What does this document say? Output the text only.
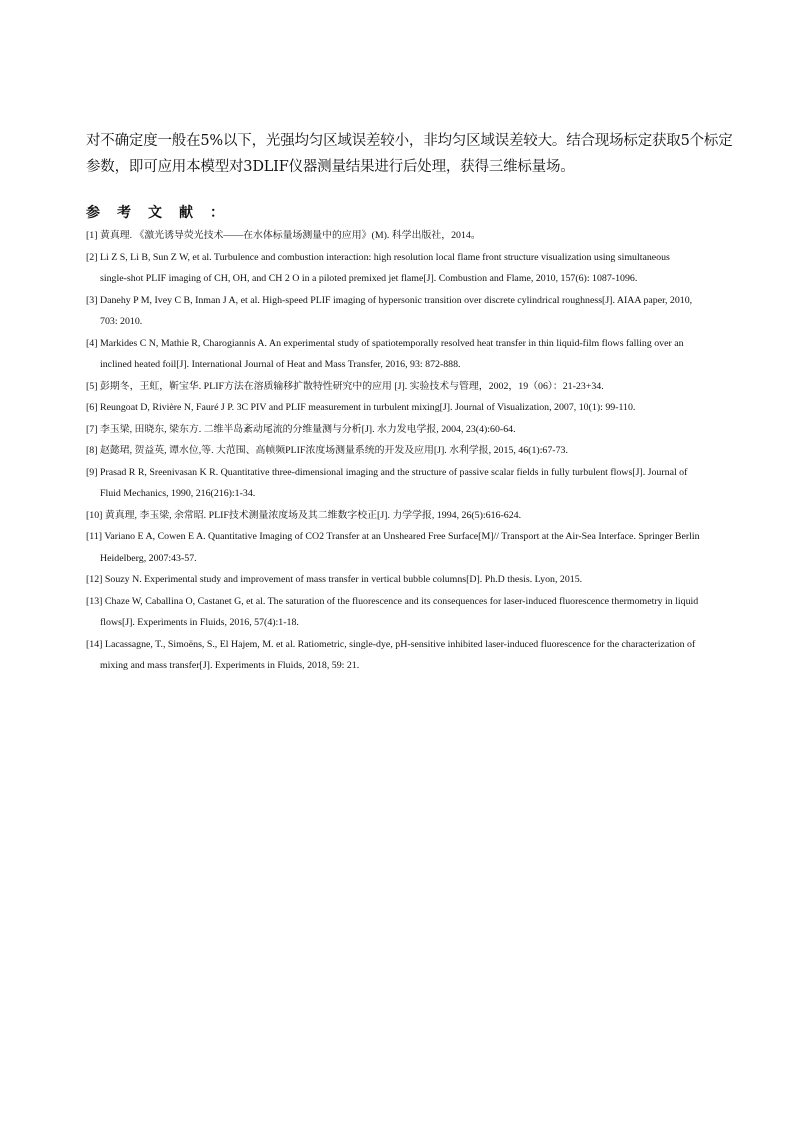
对不确定度一般在5%以下，光强均匀区域误差较小，非均匀区域误差较大。结合现场标定获取5个标定
参数，即可应用本模型对3DLIF仪器测量结果进行后处理，获得三维标量场。

参考文献：
[1] 黄真理. 《激光诱导荧光技术——在水体标量场测量中的应用》(M). 科学出版社，2014。
[2] Li Z S, Li B, Sun Z W, et al. Turbulence and combustion interaction: high resolution local flame front structure visualization using simultaneous
single-shot PLIF imaging of CH, OH, and CH 2 O in a piloted premixed jet flame[J]. Combustion and Flame, 2010, 157(6): 1087-1096.
[3] Danehy P M, Ivey C B, Inman J A, et al. High-speed PLIF imaging of hypersonic transition over discrete cylindrical roughness[J]. AIAA paper, 2010,
703: 2010.
[4] Markides C N, Mathie R, Charogiannis A. An experimental study of spatiotemporally resolved heat transfer in thin liquid-film flows falling over an
inclined heated foil[J]. International Journal of Heat and Mass Transfer, 2016, 93: 872-888.
[5] 彭期冬，王虹，靳宝华. PLIF方法在溶质输移扩散特性研究中的应用 [J]. 实验技术与管理，2002，19（06）：21-23+34.
[6] Reungoat D, Rivière N, Fauré J P. 3C PIV and PLIF measurement in turbulent mixing[J]. Journal of Visualization, 2007, 10(1): 99-110.
[7] 李玉梁, 田晓东, 梁东方. 二维半岛紊动尾流的分维量测与分析[J]. 水力发电学报, 2004, 23(4):60-64.
[8] 赵懿珺, 贺益英, 谭水位,等. 大范围、高帧频PLIF浓度场测量系统的开发及应用[J]. 水利学报, 2015, 46(1):67-73.
[9] Prasad R R, Sreenivasan K R. Quantitative three-dimensional imaging and the structure of passive scalar fields in fully turbulent flows[J]. Journal of
Fluid Mechanics, 1990, 216(216):1-34.
[10] 黄真理, 李玉梁, 余常昭. PLIF技术测量浓度场及其二维数字校正[J]. 力学学报, 1994, 26(5):616-624.
[11] Variano E A, Cowen E A. Quantitative Imaging of CO2 Transfer at an Unsheared Free Surface[M]// Transport at the Air-Sea Interface. Springer Berlin
Heidelberg, 2007:43-57.
[12] Souzy N. Experimental study and improvement of mass transfer in vertical bubble columns[D]. Ph.D thesis. Lyon, 2015.
[13] Chaze W, Caballina O, Castanet G, et al. The saturation of the fluorescence and its consequences for laser-induced fluorescence thermometry in liquid
flows[J]. Experiments in Fluids, 2016, 57(4):1-18.
[14] Lacassagne, T., Simoëns, S., El Hajem, M. et al. Ratiometric, single-dye, pH-sensitive inhibited laser-induced fluorescence for the characterization of
mixing and mass transfer[J]. Experiments in Fluids, 2018, 59: 21.
